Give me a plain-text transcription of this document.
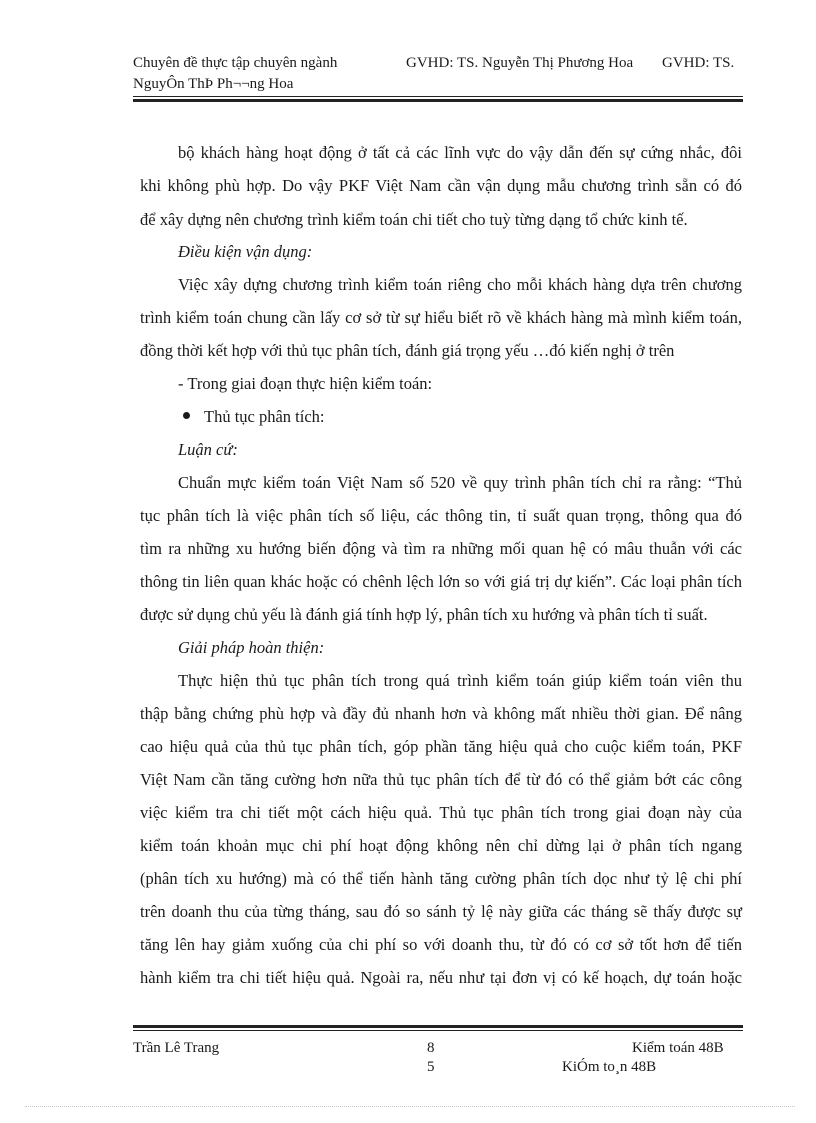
Chuyên đề thực tập chuyên ngành	GVHD: TS. Nguyễn Thị Phương Hoa GVHD: TS.
NguyÔn ThÞ Ph¬¬ng Hoa
bộ khách hàng hoạt động ở tất cả các lĩnh vực do vậy dẫn đến sự cứng nhắc, đôi
khi không phù hợp. Do vậy PKF Việt Nam cần vận dụng mẫu chương trình sẵn có đó
để xây dựng nên chương trình kiểm toán chi tiết cho tuỳ từng dạng tổ chức kinh tế.
Điều kiện vận dụng:
Việc xây dựng chương trình kiểm toán riêng cho mỗi khách hàng dựa trên chương
trình kiểm toán chung cần lấy cơ sở từ sự hiểu biết rõ về khách hàng mà mình kiểm toán,
đồng thời kết hợp với thủ tục phân tích, đánh giá trọng yếu …đó kiến nghị ở trên
- Trong giai đoạn thực hiện kiểm toán:
Thủ tục phân tích:
Luận cứ:
Chuẩn mực kiểm toán Việt Nam số 520 về quy trình phân tích chỉ ra rằng: “Thủ
tục phân tích là việc phân tích số liệu, các thông tin, tỉ suất quan trọng, thông qua đó
tìm ra những xu hướng biến động và tìm ra những mối quan hệ có mâu thuẫn với các
thông tin liên quan khác hoặc có chênh lệch lớn so với giá trị dự kiến”. Các loại phân tích
được sử dụng chủ yếu là đánh giá tính hợp lý, phân tích xu hướng và phân tích tỉ suất.
Giải pháp hoàn thiện:
Thực hiện thủ tục phân tích trong quá trình kiểm toán giúp kiểm toán viên thu
thập bằng chứng phù hợp và đầy đủ nhanh hơn và không mất nhiều thời gian. Để nâng
cao hiệu quả của thủ tục phân tích, góp phần tăng hiệu quả cho cuộc kiểm toán, PKF
Việt Nam cần tăng cường hơn nữa thủ tục phân tích để từ đó có thể giảm bớt các công
việc kiểm tra chi tiết một cách hiệu quả. Thủ tục phân tích trong giai đoạn này của
kiểm toán khoản mục chi phí hoạt động không nên chỉ dừng lại ở phân tích ngang
(phân tích xu hướng) mà có thể tiến hành tăng cường phân tích dọc như tỷ lệ chi phí
trên doanh thu của từng tháng, sau đó so sánh tỷ lệ này giữa các tháng sẽ thấy được sự
tăng lên hay giảm xuống của chi phí so với doanh thu, từ đó có cơ sở tốt hơn để tiến
hành kiểm tra chi tiết hiệu quả. Ngoài ra, nếu như tại đơn vị có kế hoạch, dự toán hoặc
Trần Lê Trang	8
5
Kiểm toán 48B
KiÓm to¸n 48B
